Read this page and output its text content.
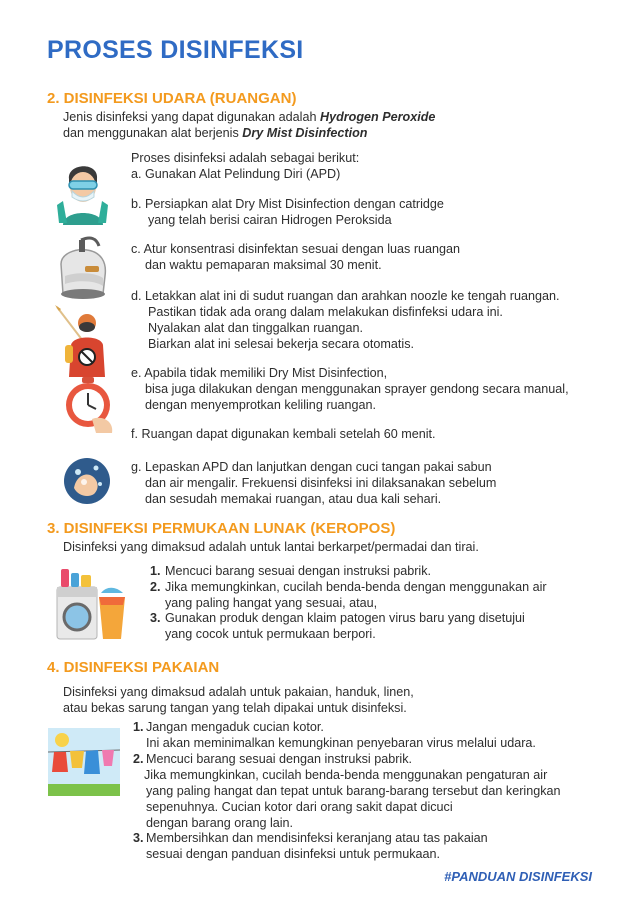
PROSES DISINFEKSI
2. DISINFEKSI UDARA (RUANGAN)
Jenis disinfeksi yang dapat digunakan adalah Hydrogen Peroxide
dan menggunakan alat berjenis Dry Mist Disinfection
Proses disinfeksi adalah sebagai berikut:
a. Gunakan Alat Pelindung Diri (APD)
b. Persiapkan alat Dry Mist Disinfection dengan catridge
yang telah berisi cairan Hidrogen Peroksida
c. Atur konsentrasi disinfektan sesuai dengan luas ruangan
dan waktu pemaparan maksimal 30 menit.
d. Letakkan alat ini di sudut ruangan dan arahkan noozle ke tengah ruangan.
Pastikan tidak ada orang dalam melakukan disfinfeksi udara ini.
Nyalakan alat dan tinggalkan ruangan.
Biarkan alat ini selesai bekerja secara otomatis.
e. Apabila tidak memiliki Dry Mist Disinfection,
bisa juga dilakukan dengan menggunakan sprayer gendong secara manual,
dengan menyemprotkan keliling ruangan.
f. Ruangan dapat digunakan kembali setelah 60 menit.
g. Lepaskan APD dan lanjutkan dengan cuci tangan pakai sabun
dan air mengalir. Frekuensi disinfeksi ini dilaksanakan sebelum
dan sesudah memakai ruangan, atau dua kali sehari.
3. DISINFEKSI PERMUKAAN LUNAK (KEROPOS)
Disinfeksi yang dimaksud adalah untuk lantai berkarpet/permadai dan tirai.
1. Mencuci barang sesuai dengan instruksi pabrik.
2. Jika memungkinkan, cucilah benda-benda dengan menggunakan air
yang paling hangat yang sesuai, atau,
3. Gunakan produk dengan klaim patogen virus baru yang disetujui
yang cocok untuk permukaan berpori.
4. DISINFEKSI PAKAIAN
Disinfeksi yang dimaksud adalah untuk pakaian, handuk, linen,
atau bekas sarung tangan yang telah dipakai untuk disinfeksi.
1. Jangan mengaduk cucian kotor.
Ini akan meminimalkan kemungkinan penyebaran virus melalui udara.
2. Mencuci barang sesuai dengan instruksi pabrik.
Jika memungkinkan, cucilah benda-benda menggunakan pengaturan air
yang paling hangat dan tepat untuk barang-barang tersebut dan keringkan
sepenuhnya. Cucian kotor dari orang sakit dapat dicuci
dengan barang orang lain.
3. Membersihkan dan mendisinfeksi keranjang atau tas pakaian
sesuai dengan panduan disinfeksi untuk permukaan.
#PANDUAN DISINFEKSI
